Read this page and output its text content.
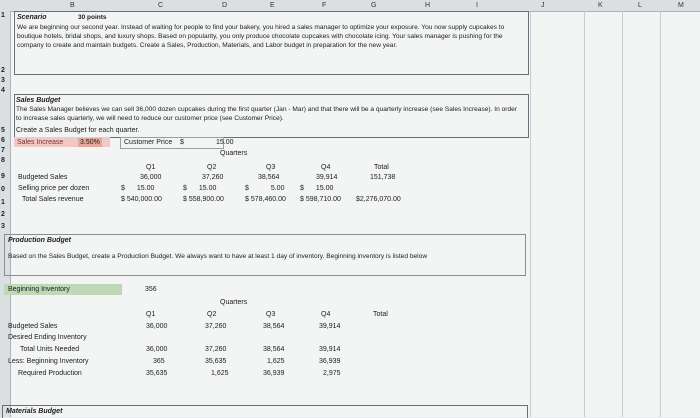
B	C	D	E	F	G	H	I	J	K	L	M
1
2
3
4
5
6
7
8
9
0
1
2
3
Scenario	30 points
We are beginning our second year. Instead of waiting for people to find your bakery, you hired a sales manager to optimize your exposure. You now supply cupcakes to boutique hotels, bridal shops, and luxury shops. Based on popularity, you only produce chocolate cupcakes with chocolate icing. Your sales manager is pushing for the company to create and maintain budgets. Create a Sales, Production, Materials, and Labor budget in preparation for the new year.
Sales Budget
The Sales Manager believes we can sell 36,000 dozen cupcakes during the first quarter (Jan - Mar) and that there will be a quarterly increase (see Sales Increase). In order to increase sales quarterly, we will need to reduce our customer price (see Customer Price).
Create a Sales Budget for each quarter.
Sales Increase 3.50%	Customer Price $	15.00
Quarters
Q1	Q2	Q3	Q4	Total
Budgeted Sales	36,000	37,260	38,564	39,914	151,738
Selling price per dozen	$ 15.00	$ 15.00	$ 5.00 $ 15.00
Total Sales revenue	$ 540,000.00	$ 558,900.00	$ 578,460.00 $ 598,710.00 $2,276,070.00
Production Budget
Based on the Sales Budget, create a Production Budget. We always want to have at least 1 day of inventory. Beginning inventory is listed below
Beginning Inventory	356
Quarters
Q1	Q2	Q3	Q4	Total
Budgeted Sales	36,000	37,260	38,564	39,914
Desired Ending Inventory
Total Units Needed	36,000	37,260	38,564	39,914
Less: Beginning Inventory	365	35,635	1,625	36,939
Required Production	35,635	1,625	36,939	2,975
Materials Budget
